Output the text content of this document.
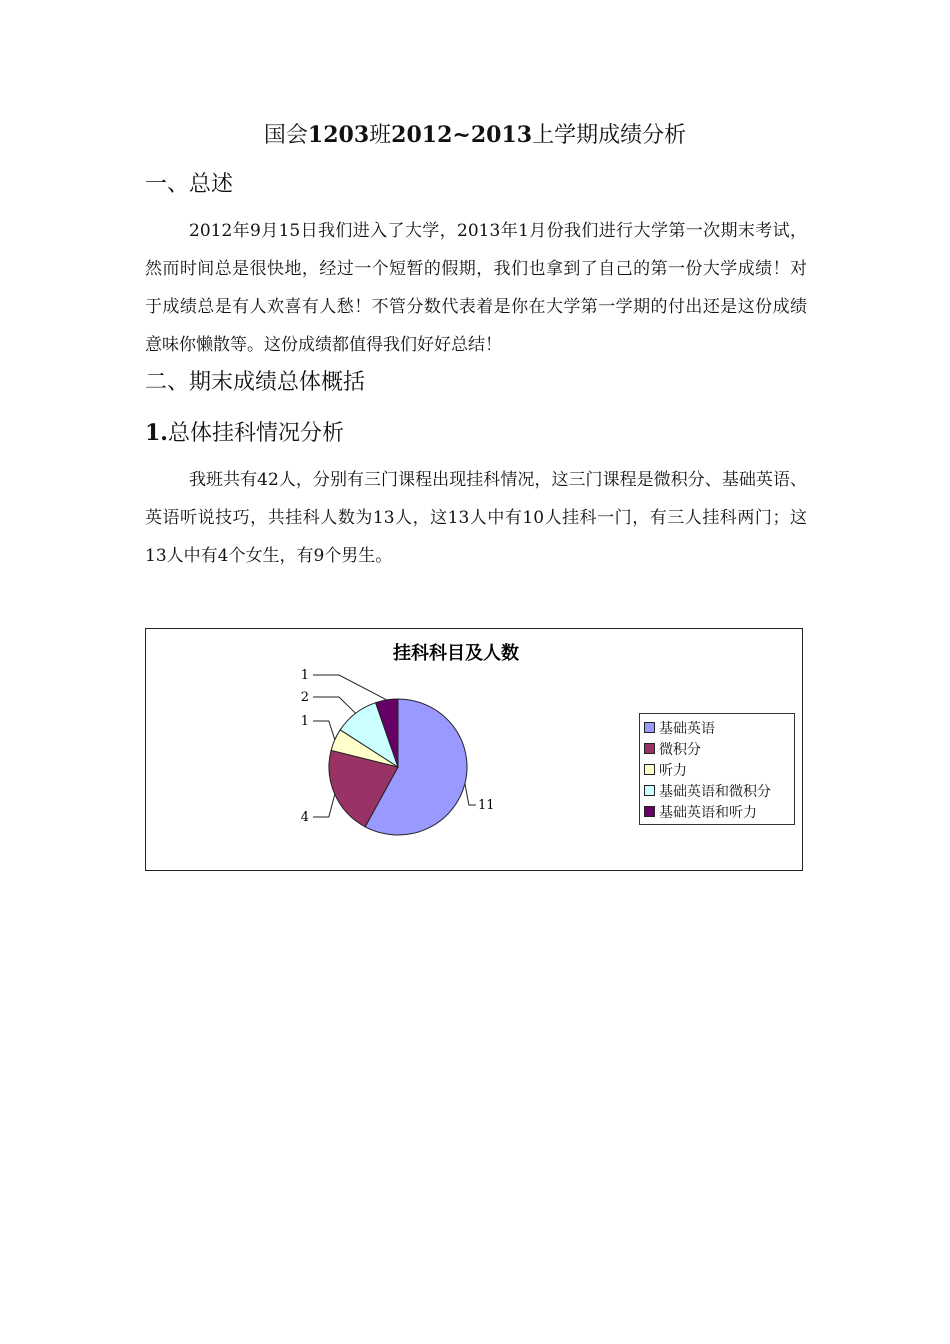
国会1203班2012~2013上学期成绩分析
一、总述

2012年9月15日我们进入了大学，2013年1月份我们进行大学第一次期末考试，然而时间总是很快地，经过一个短暂的假期，我们也拿到了自己的第一份大学成绩！对于成绩总是有人欢喜有人愁！不管分数代表着是你在大学第一学期的付出还是这份成绩意味你懒散等。这份成绩都值得我们好好总结！

二、期末成绩总体概括
1.总体挂科情况分析

我班共有42人，分别有三门课程出现挂科情况，这三门课程是微积分、基础英语、英语听说技巧，共挂科人数为13人，这13人中有10人挂科一门，有三人挂科两门；这13人中有4个女生，有9个男生。

挂科科目及人数
11
4
1
2
1
基础英语
微积分
听力
基础英语和微积分
基础英语和听力
